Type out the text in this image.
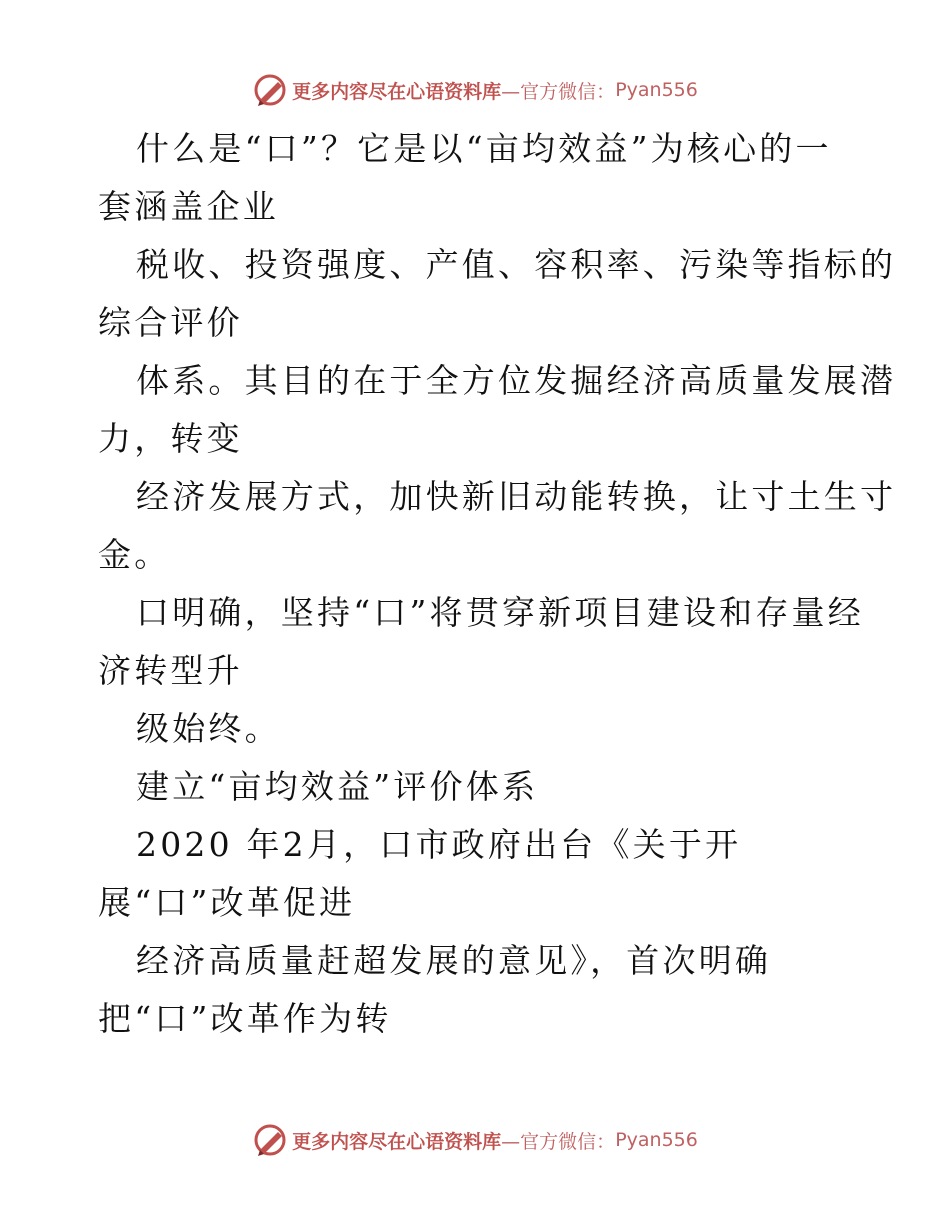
更多内容尽在心语资料库 —官方微信： Pyan556
什么是“口”？它是以“亩均效益”为核心的一
套涵盖企业
税收、投资强度、产值、容积率、污染等指标的
综合评价
体系。其目的在于全方位发掘经济高质量发展潜
力，转变
经济发展方式，加快新旧动能转换，让寸土生寸
金。
口明确，坚持“口”将贯穿新项目建设和存量经
济转型升
级始终。
建立“亩均效益”评价体系
2020 年2月，口市政府出台《关于开
展“口”改革促进
经济高质量赶超发展的意见》，首次明确
把“口”改革作为转
更多内容尽在心语资料库 —官方微信： Pyan556
